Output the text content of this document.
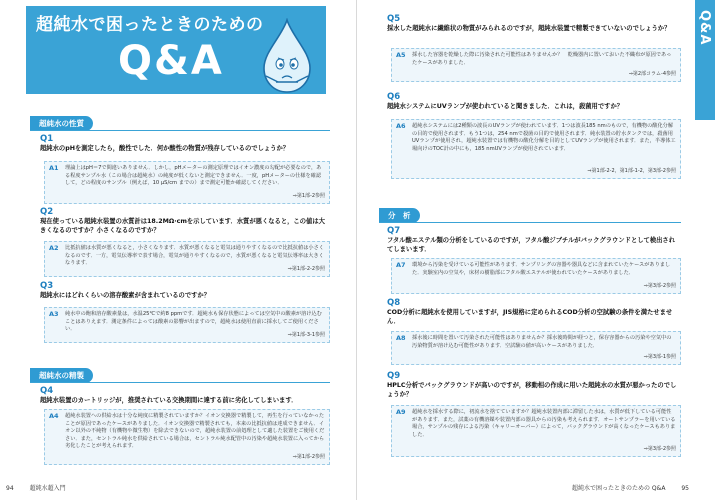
超純水で困ったときのための
Q&A
超純水の性質
Q1
超純水のpHを測定したら，酸性でした．何か酸性の物質が残存しているのでしょうか？
A1 理論上はpH＝7で間違いありません．しかし，pHメーターの測定原理ではイオン濃度の勾配が必要なので，ある程度サンプル水（この場合は超純水）の純度が低くないと測定できません．一度，pHメーターの仕様を確認して，どの程度のサンプル（例えば，10 μS/cm までの）まで測定可能か確認してください．
⇒第1部-2参照
Q2
現在使っている超純水装置の水質計は18.2MΩ·cmを示しています．水質が悪くなると，この値は大きくなるのですか？小さくなるのですか？
A2 比抵抗値は水質が悪くなると，小さくなります．水質が悪くなると電気は通りやすくなるので比抵抗値は小さくなるのです．一方，電気伝導率で表す場合，電気が通りやすくなるので，水質が悪くなると電気伝導率は大きくなります．
⇒第1部-2-2参照
Q3
超純水にはどれくらいの溶存酸素が含まれているのですか？
A3 純水中の飽和溶存酸素量は，水温25℃で約8 ppmです．超純水も保存状態によっては空気中の酸素が溶け込むことはありえます．測定条件によっては酸素の影響が出ますので，超純水は使用直前に採水してご使用ください．
⇒第1部-3-1参照
超純水の精製
Q4
超純水装置のカートリッジが，推奨されている交換期間に達する前に劣化してしまいます．
A4 超純水装置への供給水は十分な純度に精製されていますか？イオン交換器で精製して，再生を行っていなかったことが原因であったケースがありました．イオン交換器で精製されても，本来の比抵抗値は達成できません．イオン以外の不純物（有機物や微生物）を除去できないので，超純水装置の前処理として適した装置をご使用ください．また，セントラル純水を供給されている場合は，セントラル純水配管中の汚染や超純水装置に入ってから劣化したことが考えられます．
⇒第1部-2参照
94	超純水超入門
Q5
採水した超純水に繊維状の物質がみられるのですが，超純水装置で精製できていないのでしょうか？
A5 採水した容器を乾燥した際に汚染された可能性はありませんか？　乾燥器内に置いておいた不織布が原因であったケースがありました．
⇒第2部コラム-4参照
Q6
超純水システムにUVランプが使われていると聞きました．これは，殺菌用ですか？
A6 超純水システムには2種類の波長のUVランプが使われています．1つは波長185 nmのもので，有機物の酸化分解の目的で使用されます．もう1つは，254 nmで殺菌の目的で使用されます．純水装置の貯水タンクでは，殺菌用UVランプが使用され，超純水装置では有機物の酸化分解を目的としてUVランプが使用されます．また，半導体工場向けのTOC計の中にも，185 nmUVランプが使用されています．
⇒第1部-2-2，第1部-1-2，第3部-2参照
分　析
Q7
フタル酸エステル類の分析をしているのですが，フタル酸ジブチルがバックグラウンドとして検出されてしまいます．
A7 環境から汚染を受けている可能性があります．サンプリングの容器や器具などに含まれていたケースがありました．実験室内の空気や，床材の樹脂部にフタル酸エステルが使われていたケースがありました．
⇒第3部-2参照
Q8
COD分析に超純水を使用していますが，JIS規格に定められるCOD分析の空試験の条件を満たせません．
A8 採水後に時間を置いて汚染された可能性はありませんか？採水後時間が経つと，保存容器からの汚染や空気中の汚染物質が溶け込む可能性があります．空試験の値が高いケースがありました．
⇒第3部-1参照
Q9
HPLC分析でバックグラウンドが高いのですが，移動相の作成に用いた超純水の水質が悪かったのでしょうか？
A9 超純水を採水する際に，初流水を捨てていますか？超純水装置内部に滞留した水は，水質が低下している可能性があります．また，試薬の有機溶媒や装置内部の器具からの汚染も考えられます．オートサンプラーを用いている場合，サンプルの残存による汚染（キャリーオーバー）によって，バックグラウンドが高くなったケースもありました．
⇒第3部-2参照
Q&A
超純水で困ったときのための Q&A	95
